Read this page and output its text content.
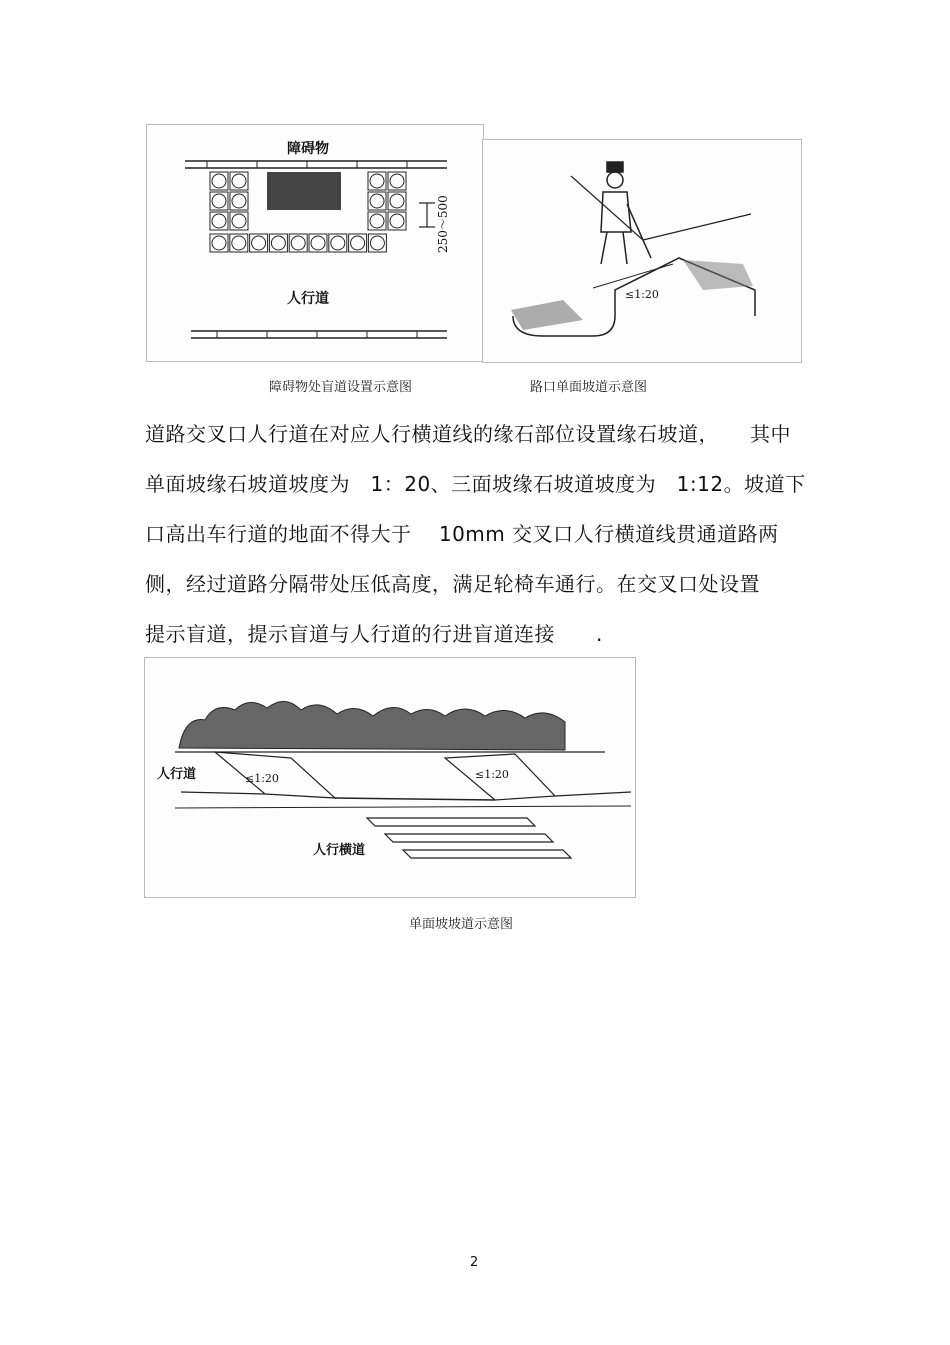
250～500
障碍物
人行道	≤1:20
障碍物处盲道设置示意图	路口单面坡道示意图
道路交叉口人行道在对应人行横道线的缘石部位设置缘石坡道，　　其中
单面坡缘石坡道坡度为　1：20、三面坡缘石坡道坡度为　1:12。坡道下
口高出车行道的地面不得大于　 10mm 交叉口人行横道线贯通道路两
侧，经过道路分隔带处压低高度，满足轮椅车通行。在交叉口处设置
提示盲道，提示盲道与人行道的行进盲道连接　　.
人行道	≤1:20	≤1:20
人行横道
单面坡坡道示意图
2
